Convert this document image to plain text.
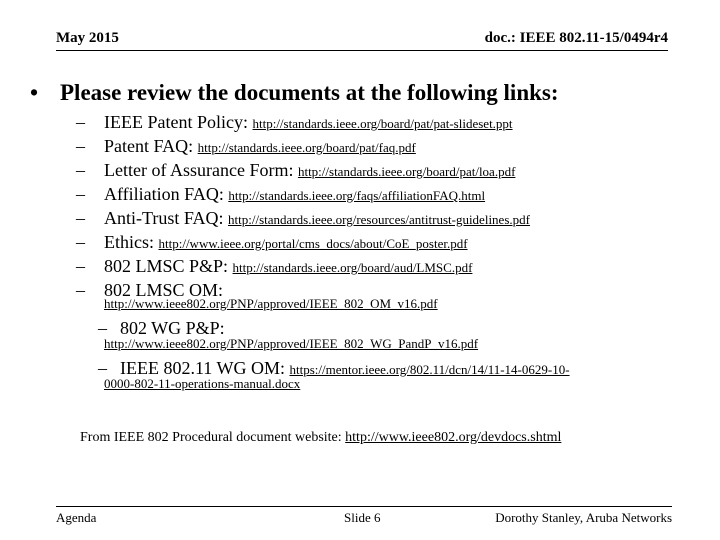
May 2015	doc.: IEEE 802.11-15/0494r4
• Please review the documents at the following links:
– IEEE Patent Policy: http://standards.ieee.org/board/pat/pat-slideset.ppt
– Patent FAQ: http://standards.ieee.org/board/pat/faq.pdf
– Letter of Assurance Form: http://standards.ieee.org/board/pat/loa.pdf
– Affiliation FAQ: http://standards.ieee.org/faqs/affiliationFAQ.html
– Anti-Trust FAQ: http://standards.ieee.org/resources/antitrust-guidelines.pdf
– Ethics: http://www.ieee.org/portal/cms_docs/about/CoE_poster.pdf
– 802 LMSC P&P: http://standards.ieee.org/board/aud/LMSC.pdf
– 802 LMSC OM:
http://www.ieee802.org/PNP/approved/IEEE_802_OM_v16.pdf
– 802 WG P&P:
http://www.ieee802.org/PNP/approved/IEEE_802_WG_PandP_v16.pdf
– IEEE 802.11 WG OM: https://mentor.ieee.org/802.11/dcn/14/11-14-0629-10-
0000-802-11-operations-manual.docx
From IEEE 802 Procedural document website: http://www.ieee802.org/devdocs.shtml
Agenda	Slide 6	Dorothy Stanley, Aruba Networks
